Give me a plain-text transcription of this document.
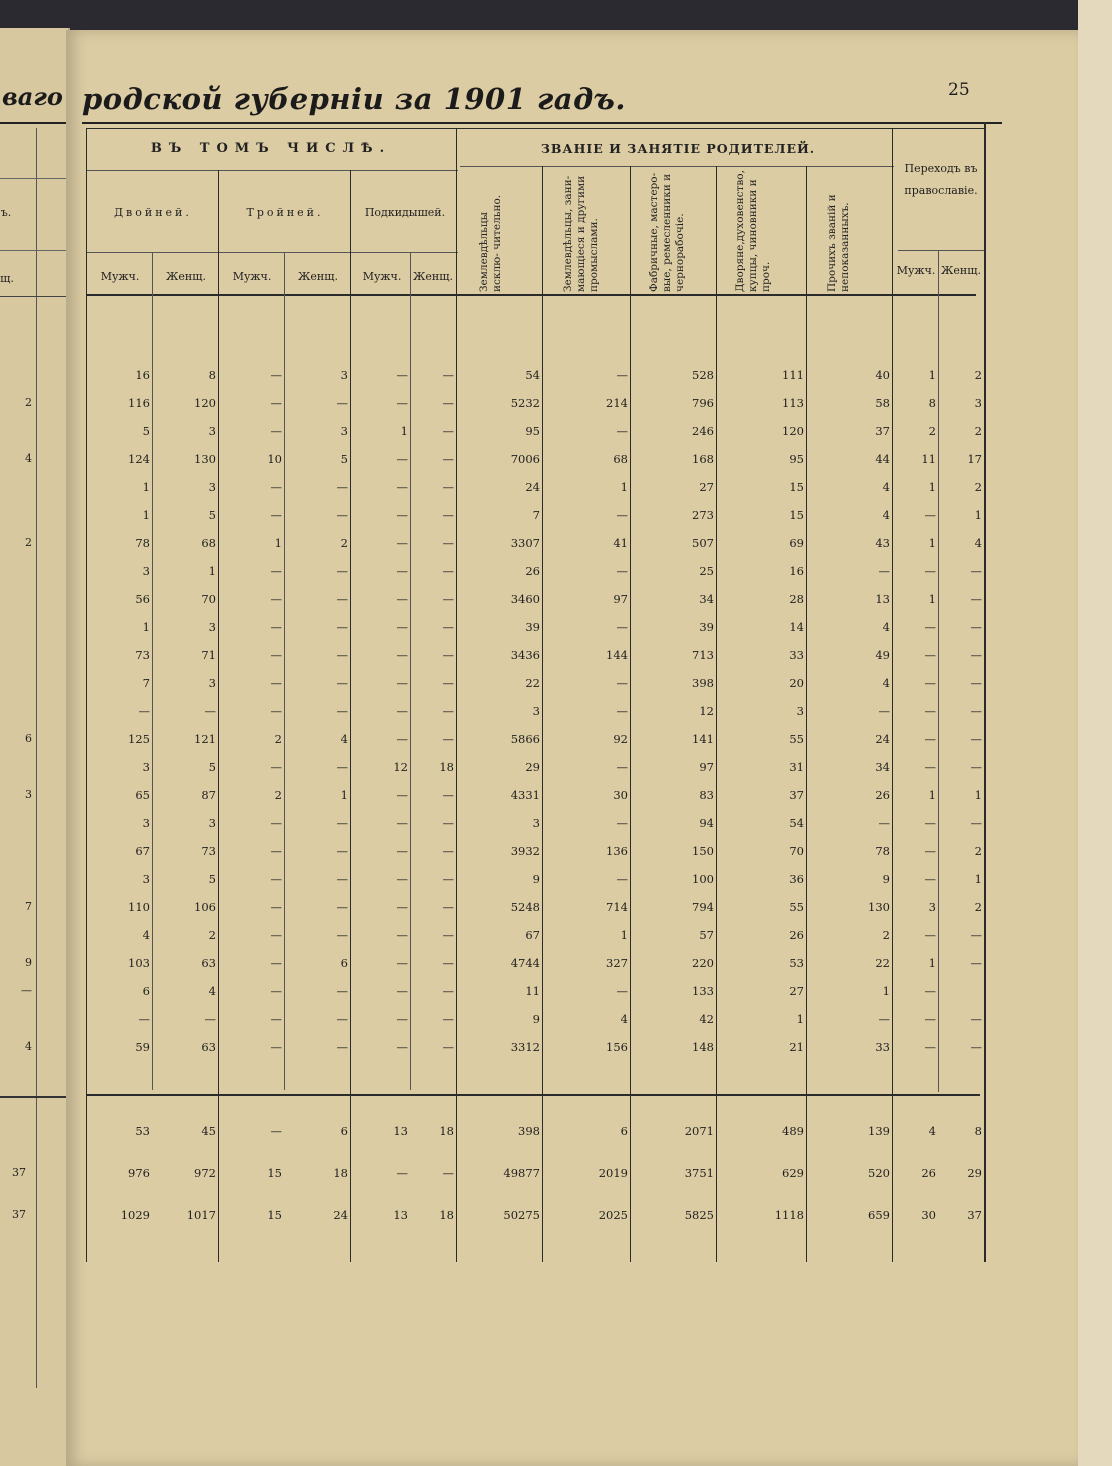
ваго
ъ.
щ.
2
4
2
6
3
7
9
—
4
37
37
родской губерніи за 1901 гадъ.	25
ВЪ ТОМЪ ЧИСЛѢ.	ЗВАНІЕ И ЗАНЯТІЕ РОДИТЕЛЕЙ.
Переходъ въ православіе.
Двойней.	Тройней.	Подкидышей.
Мужч.	Женщ.	Мужч.	Женщ.	Мужч.	Женщ.	Мужч. Женщ.
Землевдѣльцы исклю- чительно.	Землевдѣльцы, зани- мающіеся и другими промыслами.	Фабричные, мастеро- вые, ремесленники и чернорабочіе.	Дворяне,духовенство, купцы, чиновники и проч.	Прочихъ званій и непоказанныхъ.
16	8	—	3	—	—	54	—	528	111	40	1	2
116	120	—	—	—	—	5232	214	796	113	58	8	3
5	3	—	3	1	—	95	—	246	120	37	2	2
124	130	10	5	—	—	7006	68	168	95	44	11	17
1	3	—	—	—	—	24	1	27	15	4	1	2
1	5	—	—	—	—	7	—	273	15	4	—	1
78	68	1	2	—	—	3307	41	507	69	43	1	4
3	1	—	—	—	—	26	—	25	16	—	—	—
56	70	—	—	—	—	3460	97	34	28	13	1	—
1	3	—	—	—	—	39	—	39	14	4	—	—
73	71	—	—	—	—	3436	144	713	33	49	—	—
7	3	—	—	—	—	22	—	398	20	4	—	—
—	—	—	—	—	—	3	—	12	3	—	—	—
125	121	2	4	—	—	5866	92	141	55	24	—	—
3	5	—	—	12	18	29	—	97	31	34	—	—
65	87	2	1	—	—	4331	30	83	37	26	1	1
3	3	—	—	—	—	3	—	94	54	—	—	—
67	73	—	—	—	—	3932	136	150	70	78	—	2
3	5	—	—	—	—	9	—	100	36	9	—	1
110	106	—	—	—	—	5248	714	794	55	130	3	2
4	2	—	—	—	—	67	1	57	26	2	—	—
103	63	—	6	—	—	4744	327	220	53	22	1	—
6	4	—	—	—	—	11	—	133	27	1	—
—	—	—	—	—	—	9	4	42	1	—	—	—
59	63	—	—	—	—	3312	156	148	21	33	—	—
53	45	—	6	13	18	398	6	2071	489	139	4	8
976	972	15	18	—	—	49877	2019	3751	629	520	26	29
1029	1017	15	24	13	18	50275	2025	5825	1118	659	30	37
